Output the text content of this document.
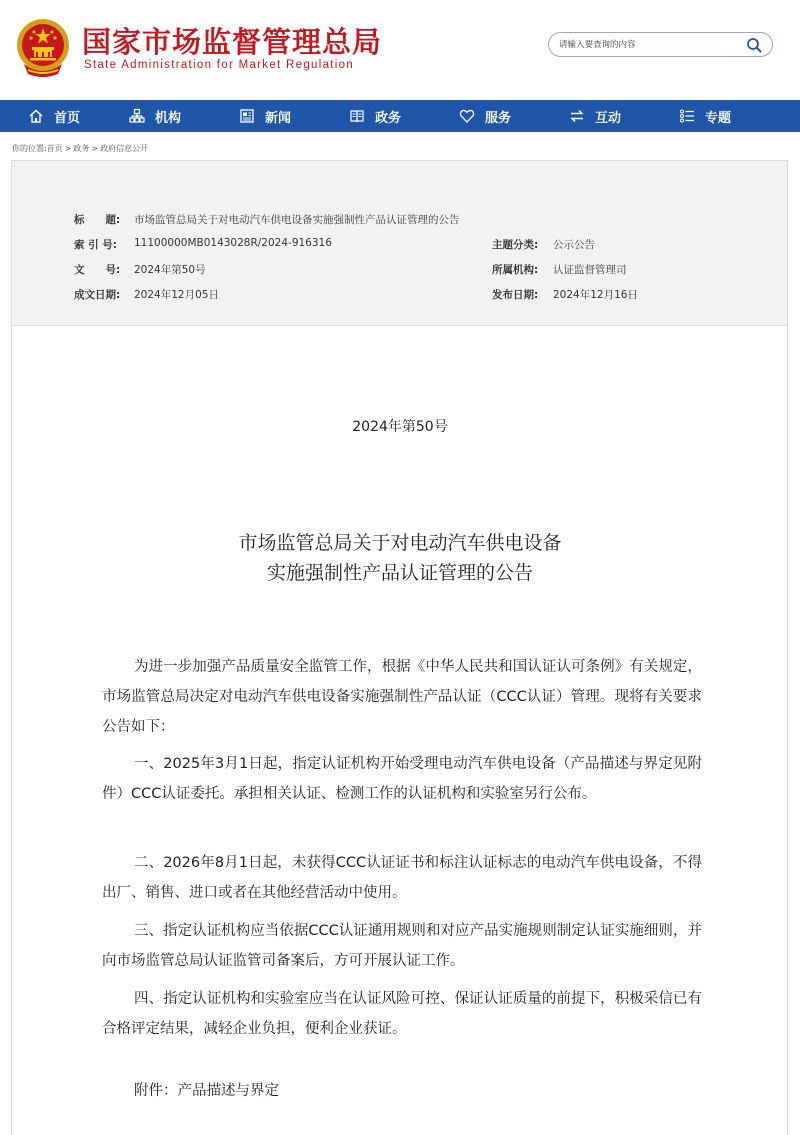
国家市场监督管理总局
State Administration for Market Regulation
请输入要查询的内容
首页	机构	新闻	政务	服务	互动	专题
你的位置:首页 > 政务 > 政府信息公开
标　　题: 市场监管总局关于对电动汽车供电设备实施强制性产品认证管理的公告
索 引 号: 11100000MB0143028R/2024-916316	主题分类: 公示公告
文　　号: 2024年第50号	所属机构: 认证监督管理司
成文日期: 2024年12月05日	发布日期: 2024年12月16日
2024年第50号
市场监管总局关于对电动汽车供电设备
实施强制性产品认证管理的公告

为进一步加强产品质量安全监管工作，根据《中华人民共和国认证认可条例》有关规定，市场监管总局决定对电动汽车供电设备实施强制性产品认证（CCC认证）管理。现将有关要求公告如下：

一、2025年3月1日起，指定认证机构开始受理电动汽车供电设备（产品描述与界定见附件）CCC认证委托。承担相关认证、检测工作的认证机构和实验室另行公布。

二、2026年8月1日起，未获得CCC认证证书和标注认证标志的电动汽车供电设备，不得出厂、销售、进口或者在其他经营活动中使用。

三、指定认证机构应当依据CCC认证通用规则和对应产品实施规则制定认证实施细则，并向市场监管总局认证监管司备案后，方可开展认证工作。

四、指定认证机构和实验室应当在认证风险可控、保证认证质量的前提下，积极采信已有合格评定结果，减轻企业负担，便利企业获证。

附件：产品描述与界定
